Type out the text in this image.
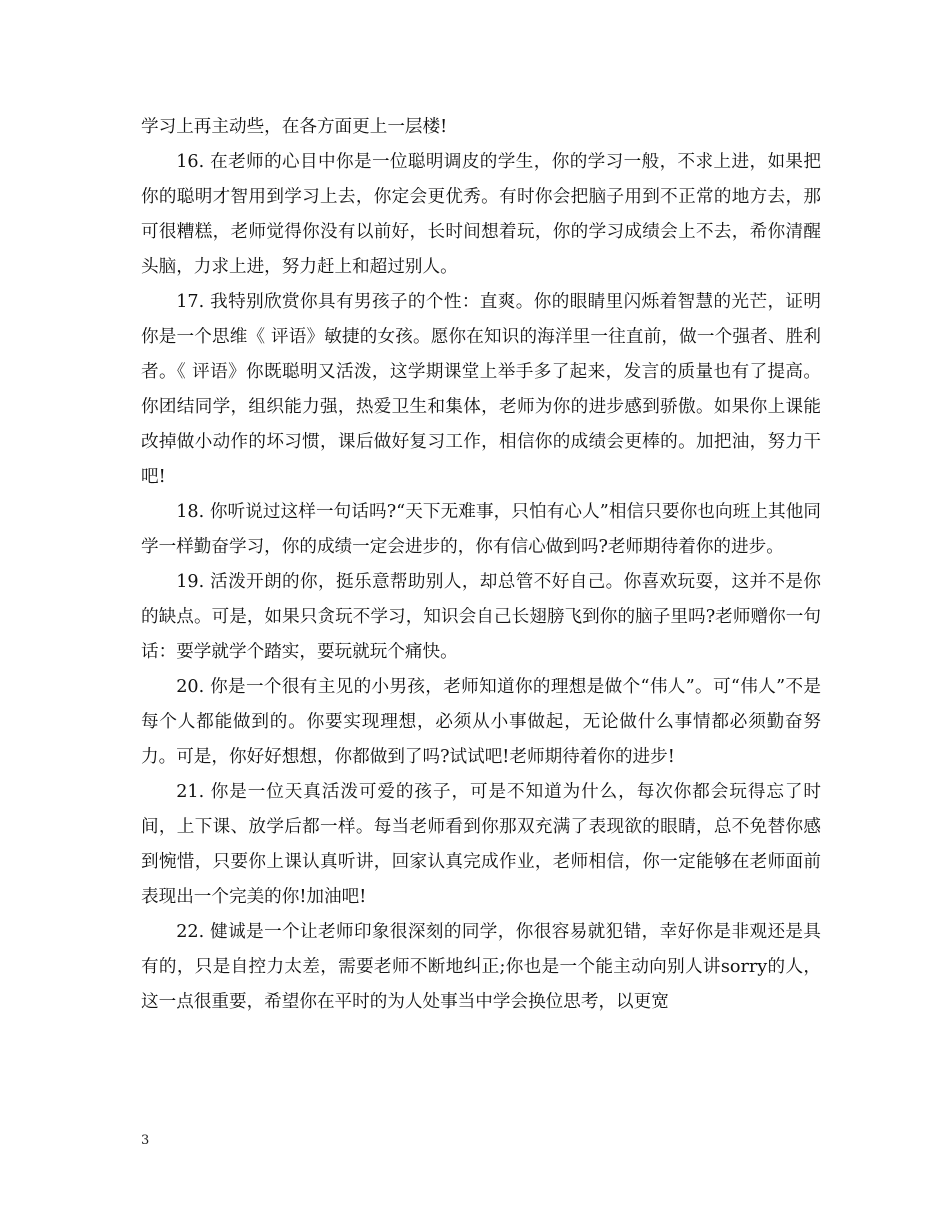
学习上再主动些，在各方面更上一层楼!

16. 在老师的心目中你是一位聪明调皮的学生，你的学习一般，不求上进，如果把你的聪明才智用到学习上去，你定会更优秀。有时你会把脑子用到不正常的地方去，那可很糟糕，老师觉得你没有以前好，长时间想着玩，你的学习成绩会上不去，希你清醒头脑，力求上进，努力赶上和超过别人。

17. 我特别欣赏你具有男孩子的个性：直爽。你的眼睛里闪烁着智慧的光芒，证明你是一个思维《 评语》敏捷的女孩。愿你在知识的海洋里一往直前，做一个强者、胜利者。《 评语》你既聪明又活泼，这学期课堂上举手多了起来，发言的质量也有了提高。你团结同学，组织能力强，热爱卫生和集体，老师为你的进步感到骄傲。如果你上课能改掉做小动作的坏习惯，课后做好复习工作，相信你的成绩会更棒的。加把油，努力干吧!

18. 你听说过这样一句话吗?“天下无难事，只怕有心人”相信只要你也向班上其他同学一样勤奋学习，你的成绩一定会进步的，你有信心做到吗?老师期待着你的进步。

19. 活泼开朗的你，挺乐意帮助别人，却总管不好自己。你喜欢玩耍，这并不是你的缺点。可是，如果只贪玩不学习，知识会自己长翅膀飞到你的脑子里吗?老师赠你一句话：要学就学个踏实，要玩就玩个痛快。

20. 你是一个很有主见的小男孩，老师知道你的理想是做个“伟人”。可“伟人”不是每个人都能做到的。你要实现理想，必须从小事做起，无论做什么事情都必须勤奋努力。可是，你好好想想，你都做到了吗?试试吧!老师期待着你的进步!

21. 你是一位天真活泼可爱的孩子，可是不知道为什么，每次你都会玩得忘了时间，上下课、放学后都一样。每当老师看到你那双充满了表现欲的眼睛，总不免替你感到惋惜，只要你上课认真听讲，回家认真完成作业，老师相信，你一定能够在老师面前表现出一个完美的你!加油吧!

22. 健诚是一个让老师印象很深刻的同学，你很容易就犯错，幸好你是非观还是具有的，只是自控力太差，需要老师不断地纠正;你也是一个能主动向别人讲sorry的人，这一点很重要，希望你在平时的为人处事当中学会换位思考，以更宽

3
